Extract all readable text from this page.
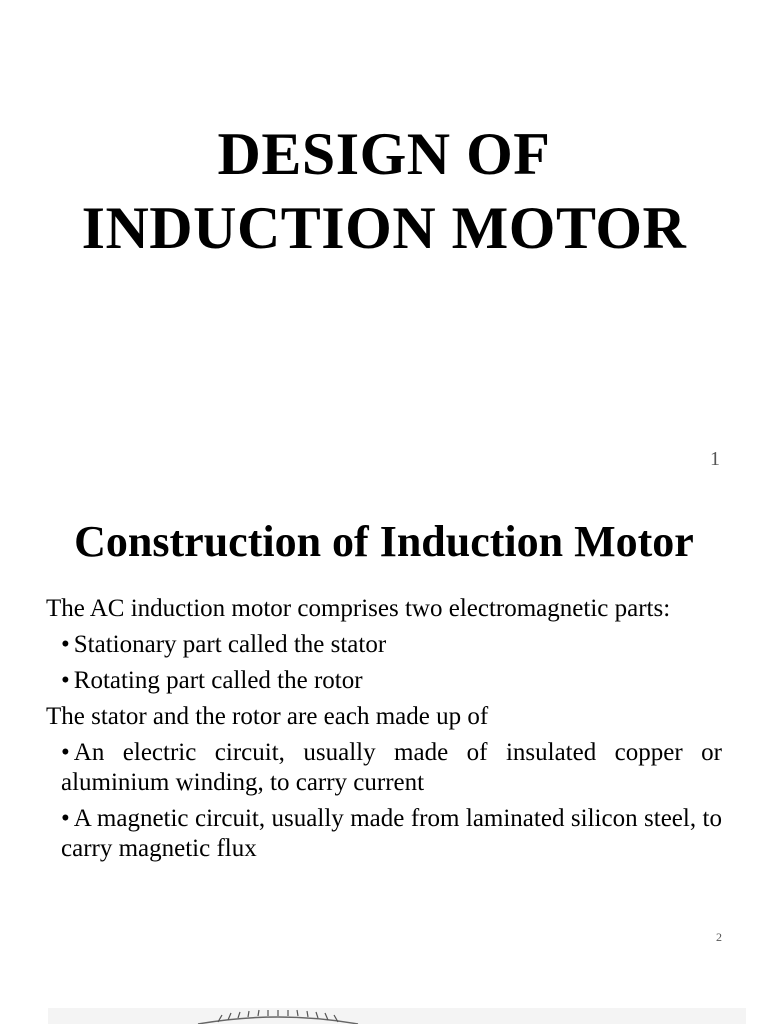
DESIGN OF
INDUCTION MOTOR
1
Construction of Induction Motor

The AC induction motor comprises two electromagnetic parts:

• Stationary part called the stator

• Rotating part called the rotor

The stator and the rotor are each made up of

• An electric circuit, usually made of insulated copper or aluminium winding, to carry current

• A magnetic circuit, usually made from laminated silicon steel, to carry magnetic flux

2
